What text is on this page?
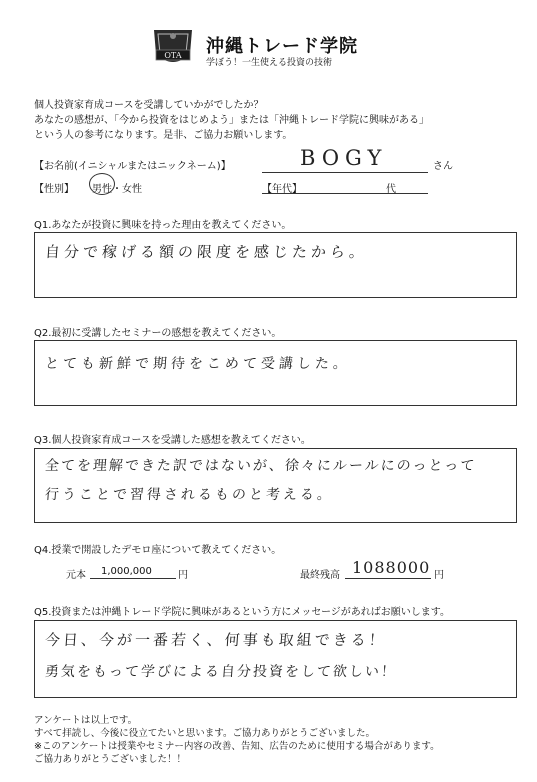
OTA 沖縄トレード学院
学ぼう！一生使える投資の技術
個人投資家育成コースを受講していかがでしたか？
あなたの感想が、「今から投資をはじめよう」または「沖縄トレード学院に興味がある」
という人の参考になります。是非、ご協力お願いします。
【お名前(イニシャルまたはニックネーム)】	BOGY	さん
【性別】 男性・女性	【年代】	代
Q1.あなたが投資に興味を持った理由を教えてください。
自分で稼げる額の限度を感じたから。
Q2.最初に受講したセミナーの感想を教えてください。
とても新鮮で期待をこめて受講した。
Q3.個人投資家育成コースを受講した感想を教えてください。
全てを理解できた訳ではないが、徐々にルールにのっとって
行うことで習得されるものと考える。
Q4.授業で開設したデモロ座について教えてください。
元本 1,000,000	円	最終残高 1088000 円
Q5.投資または沖縄トレード学院に興味があるという方にメッセージがあればお願いします。
今日、今が一番若く、何事も取組できる！
勇気をもって学びによる自分投資をして欲しい！
アンケートは以上です。
すべて拝読し、今後に役立てたいと思います。ご協力ありがとうございました。
※このアンケートは授業やセミナー内容の改善、告知、広告のために使用する場合があります。
ご協力ありがとうございました！！
